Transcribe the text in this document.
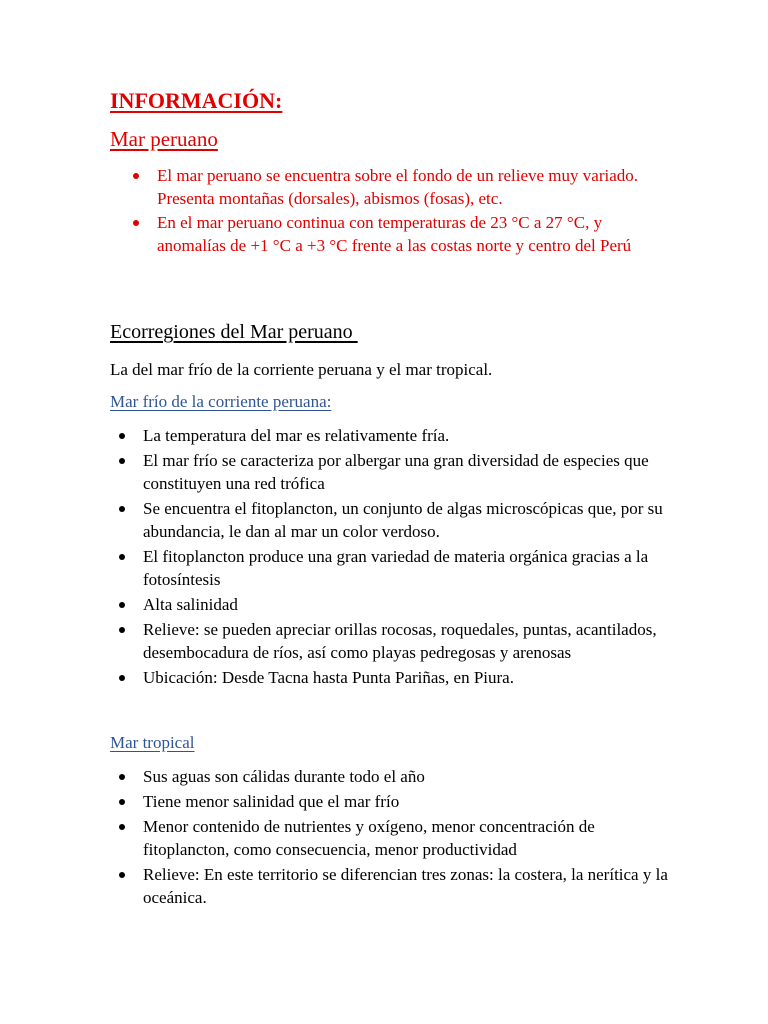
INFORMACIÓN:
Mar peruano
El mar peruano se encuentra sobre el fondo de un relieve muy variado. Presenta montañas (dorsales), abismos (fosas), etc.
En el mar peruano continua con temperaturas de 23 °C a 27 °C, y anomalías de +1 °C a +3 °C frente a las costas norte y centro del Perú
Ecorregiones del Mar peruano
La del mar frío de la corriente peruana y el mar tropical.
Mar frío de la corriente peruana:
La temperatura del mar es relativamente fría.
El mar frío se caracteriza por albergar una gran diversidad de especies que constituyen una red trófica
Se encuentra el fitoplancton, un conjunto de algas microscópicas que, por su abundancia, le dan al mar un color verdoso.
El fitoplancton produce una gran variedad de materia orgánica gracias a la fotosíntesis
Alta salinidad
Relieve: se pueden apreciar orillas rocosas, roquedales, puntas, acantilados, desembocadura de ríos, así como playas pedregosas y arenosas
Ubicación: Desde Tacna hasta Punta Pariñas, en Piura.
Mar tropical
Sus aguas son cálidas durante todo el año
Tiene menor salinidad que el mar frío
Menor contenido de nutrientes y oxígeno, menor concentración de fitoplancton, como consecuencia, menor productividad
Relieve: En este territorio se diferencian tres zonas: la costera, la nerítica y la oceánica.
